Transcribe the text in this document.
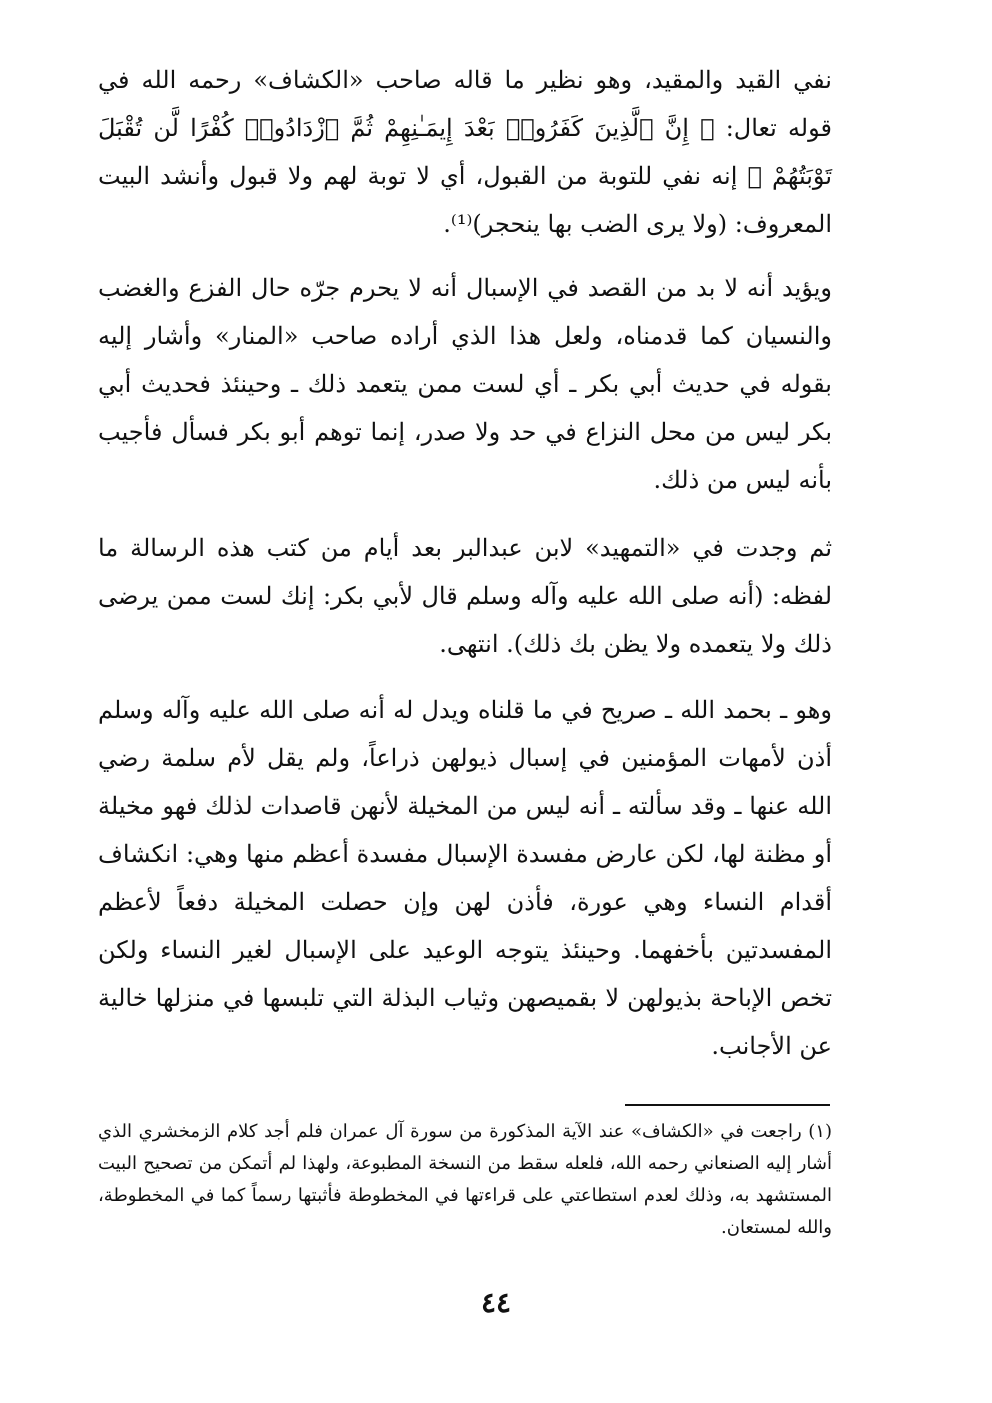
نفي القيد والمقيد، وهو نظير ما قاله صاحب «الكشاف» رحمه الله في قوله تعال: ﴿ إِنَّ ٱلَّذِينَ كَفَرُوا۟ بَعْدَ إِيمَـٰنِهِمْ ثُمَّ ٱزْدَادُوا۟ كُفْرًا لَّن تُقْبَلَ تَوْبَتُهُمْ ﴾ إنه نفي للتوبة من القبول، أي لا توبة لهم ولا قبول وأنشد البيت المعروف: (ولا يرى الضب بها ينحجر)⁽¹⁾.

ويؤيد أنه لا بد من القصد في الإسبال أنه لا يحرم جرّه حال الفزع والغضب والنسيان كما قدمناه، ولعل هذا الذي أراده صاحب «المنار» وأشار إليه بقوله في حديث أبي بكر ـ أي لست ممن يتعمد ذلك ـ وحينئذ فحديث أبي بكر ليس من محل النزاع في حد ولا صدر، إنما توهم أبو بكر فسأل فأجيب بأنه ليس من ذلك.

ثم وجدت في «التمهيد» لابن عبدالبر بعد أيام من كتب هذه الرسالة ما لفظه: (أنه صلى الله عليه وآله وسلم قال لأبي بكر: إنك لست ممن يرضى ذلك ولا يتعمده ولا يظن بك ذلك). انتهى.

وهو ـ بحمد الله ـ صريح في ما قلناه ويدل له أنه صلى الله عليه وآله وسلم أذن لأمهات المؤمنين في إسبال ذيولهن ذراعاً، ولم يقل لأم سلمة رضي الله عنها ـ وقد سألته ـ أنه ليس من المخيلة لأنهن قاصدات لذلك فهو مخيلة أو مظنة لها، لكن عارض مفسدة الإسبال مفسدة أعظم منها وهي: انكشاف أقدام النساء وهي عورة، فأذن لهن وإن حصلت المخيلة دفعاً لأعظم المفسدتين بأخفهما. وحينئذ يتوجه الوعيد على الإسبال لغير النساء ولكن تخص الإباحة بذيولهن لا بقميصهن وثياب البذلة التي تلبسها في منزلها خالية عن الأجانب.

(١) راجعت في «الكشاف» عند الآية المذكورة من سورة آل عمران فلم أجد كلام الزمخشري الذي أشار إليه الصنعاني رحمه الله، فلعله سقط من النسخة المطبوعة، ولهذا لم أتمكن من تصحيح البيت المستشهد به، وذلك لعدم استطاعتي على قراءتها في المخطوطة فأثبتها رسماً كما في المخطوطة، والله لمستعان.

٤٤
